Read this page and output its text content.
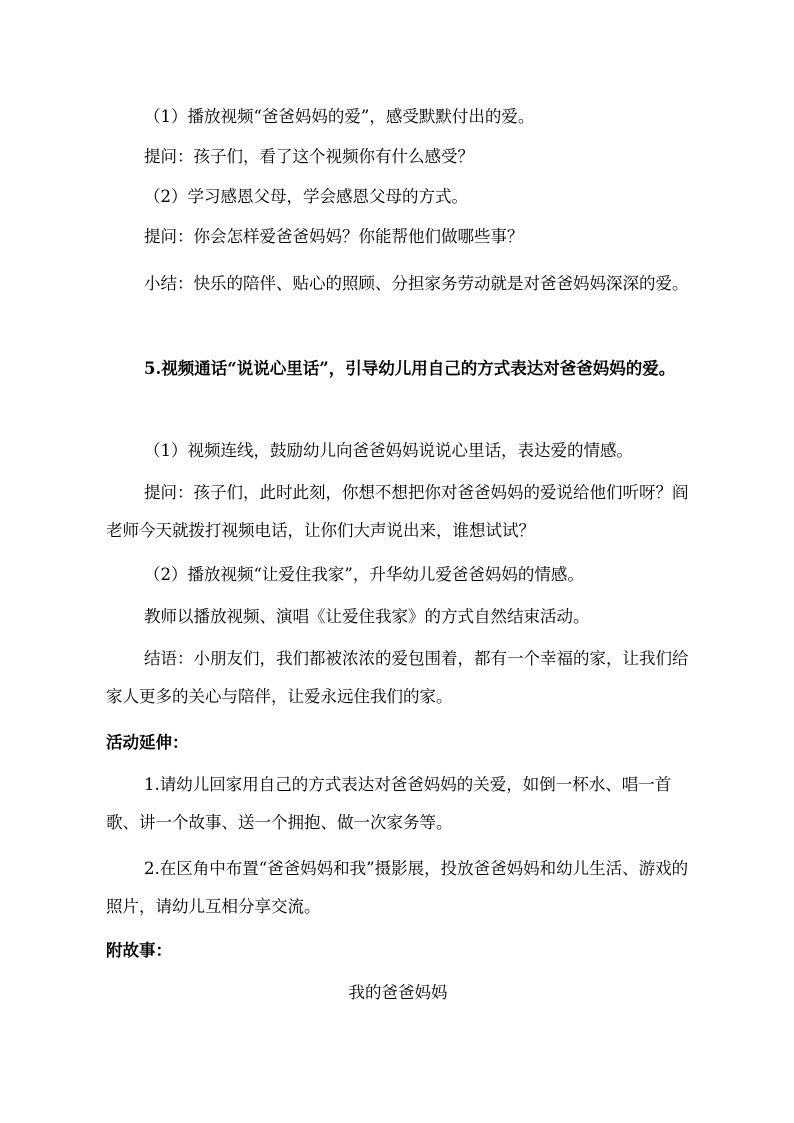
（1）播放视频“爸爸妈妈的爱”，感受默默付出的爱。

提问：孩子们，看了这个视频你有什么感受？

（2）学习感恩父母，学会感恩父母的方式。

提问：你会怎样爱爸爸妈妈？你能帮他们做哪些事？

小结：快乐的陪伴、贴心的照顾、分担家务劳动就是对爸爸妈妈深深的爱。

5.视频通话“说说心里话”，引导幼儿用自己的方式表达对爸爸妈妈的爱。

（1）视频连线，鼓励幼儿向爸爸妈妈说说心里话，表达爱的情感。

提问：孩子们，此时此刻，你想不想把你对爸爸妈妈的爱说给他们听呀？阎老师今天就拨打视频电话，让你们大声说出来，谁想试试？

（2）播放视频“让爱住我家”，升华幼儿爱爸爸妈妈的情感。

教师以播放视频、演唱《让爱住我家》的方式自然结束活动。

结语：小朋友们，我们都被浓浓的爱包围着，都有一个幸福的家，让我们给家人更多的关心与陪伴，让爱永远住我们的家。

活动延伸：

1.请幼儿回家用自己的方式表达对爸爸妈妈的关爱，如倒一杯水、唱一首歌、讲一个故事、送一个拥抱、做一次家务等。

2.在区角中布置“爸爸妈妈和我”摄影展，投放爸爸妈妈和幼儿生活、游戏的照片，请幼儿互相分享交流。

附故事：

我的爸爸妈妈
